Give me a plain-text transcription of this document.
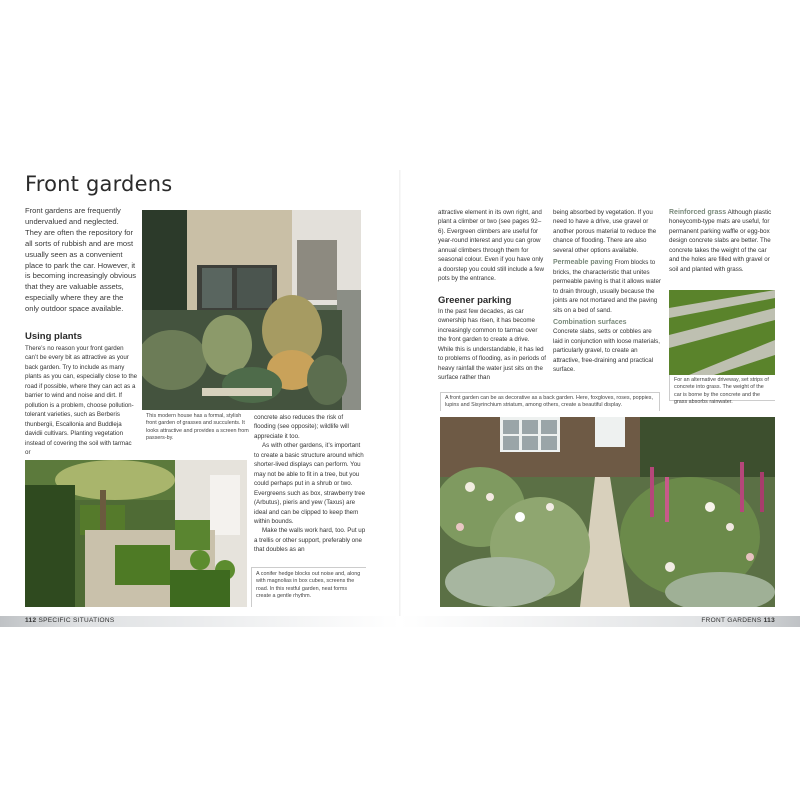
Front gardens
Front gardens are frequently undervalued and neglected. They are often the repository for all sorts of rubbish and are most usually seen as a convenient place to park the car. However, it is becoming increasingly obvious that they are valuable assets, especially where they are the only outdoor space available.
This modern house has a formal, stylish front garden of grasses and succulents. It looks attractive and provides a screen from passers-by.
Using plants
There’s no reason your front garden can’t be every bit as attractive as your back garden. Try to include as many plants as you can, especially close to the road if possible, where they can act as a barrier to wind and noise and dirt. If pollution is a problem, choose pollution-tolerant varieties, such as Berberis thunbergii, Escallonia and Buddleja davidii cultivars. Planting vegetation instead of covering the soil with tarmac or

concrete also reduces the risk of flooding (see opposite); wildlife will appreciate it too.

As with other gardens, it’s important to create a basic structure around which shorter-lived displays can perform. You may not be able to fit in a tree, but you could perhaps put in a shrub or two. Evergreens such as box, strawberry tree (Arbutus), pieris and yew (Taxus) are ideal and can be clipped to keep them within bounds.

Make the walls work hard, too. Put up a trellis or other support, preferably one that doubles as an

A conifer hedge blocks out noise and, along with magnolias in box cubes, screens the road. In this restful garden, neat forms create a gentle rhythm.
attractive element in its own right, and plant a climber or two (see pages 92–6). Evergreen climbers are useful for year-round interest and you can grow annual climbers through them for seasonal colour. Even if you have only a doorstep you could still include a few pots by the entrance.
Greener parking
In the past few decades, as car ownership has risen, it has become increasingly common to tarmac over the front garden to create a drive. While this is understandable, it has led to problems of flooding, as in periods of heavy rainfall the water just sits on the surface rather than

being absorbed by vegetation. If you need to have a drive, use gravel or another porous material to reduce the chance of flooding. There are also several other options available.

Permeable paving From blocks to bricks, the characteristic that unites permeable paving is that it allows water to drain through, usually because the joints are not mortared and the paving sits on a bed of sand.

Combination surfaces

Concrete slabs, setts or cobbles are laid in conjunction with loose materials, particularly gravel, to create an attractive, free-draining and practical surface.

Reinforced grass Although plastic honeycomb-type mats are useful, for permanent parking waffle or egg-box design concrete slabs are better. The concrete takes the weight of the car and the holes are filled with gravel or soil and planted with grass.

For an alternative driveway, set strips of concrete into grass. The weight of the car is borne by the concrete and the grass absorbs rainwater.
A front garden can be as decorative as a back garden. Here, foxgloves, roses, poppies, lupins and Sisyrinchium striatum, among others, create a beautiful display.
112 SPECIFIC SITUATIONS	FRONT GARDENS 113
